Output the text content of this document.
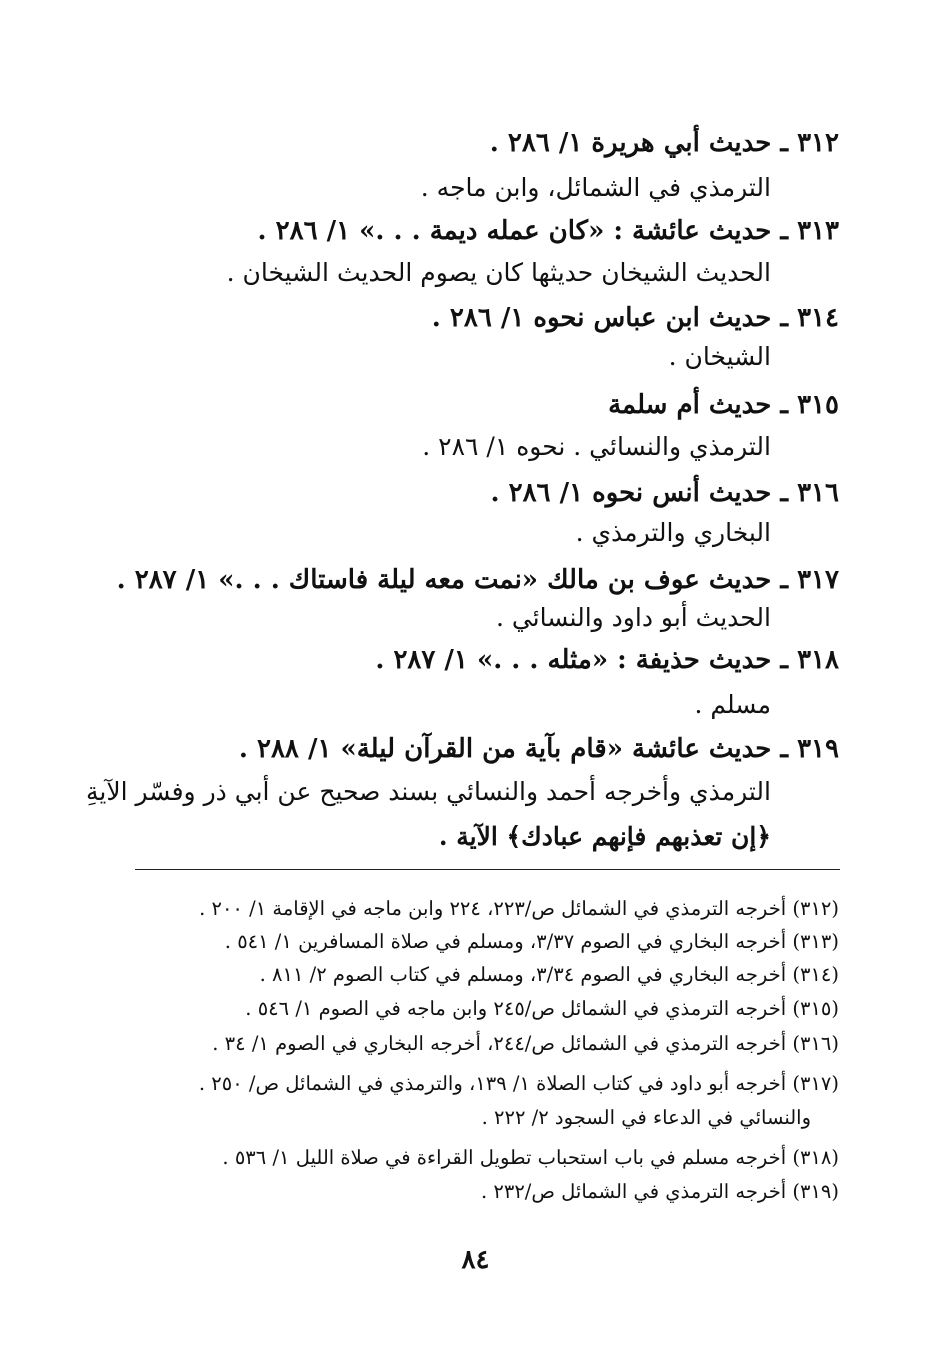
٣١٢ ـ حديث أبي هريرة ١/ ٢٨٦ .
الترمذي في الشمائل، وابن ماجه .
٣١٣ ـ حديث عائشة : «كان عمله ديمة . . .» ١/ ٢٨٦ .
الحديث الشيخان حديثها كان يصوم الحديث الشيخان .
٣١٤ ـ حديث ابن عباس نحوه ١/ ٢٨٦ .
الشيخان .
٣١٥ ـ حديث أم سلمة
الترمذي والنسائي . نحوه ١/ ٢٨٦ .
٣١٦ ـ حديث أنس نحوه ١/ ٢٨٦ .
البخاري والترمذي .
٣١٧ ـ حديث عوف بن مالك «نمت معه ليلة فاستاك . . .» ١/ ٢٨٧ .
الحديث أبو داود والنسائي .
٣١٨ ـ حديث حذيفة : «مثله . . .» ١/ ٢٨٧ .
مسلم .
٣١٩ ـ حديث عائشة «قام بآية من القرآن ليلة» ١/ ٢٨٨ .
الترمذي وأخرجه أحمد والنسائي بسند صحيح عن أبي ذر وفسّر الآيةِ
﴿إن تعذبهم فإنهم عبادك﴾ الآية .
(٣١٢) أخرجه الترمذي في الشمائل ص/٢٢٣، ٢٢٤ وابن ماجه في الإقامة ١/ ٢٠٠ .
(٣١٣) أخرجه البخاري في الصوم ٣/٣٧، ومسلم في صلاة المسافرين ١/ ٥٤١ .
(٣١٤) أخرجه البخاري في الصوم ٣/٣٤، ومسلم في كتاب الصوم ٢/ ٨١١ .
(٣١٥) أخرجه الترمذي في الشمائل ص/٢٤٥ وابن ماجه في الصوم ١/ ٥٤٦ .
(٣١٦) أخرجه الترمذي في الشمائل ص/٢٤٤، أخرجه البخاري في الصوم ١/ ٣٤ .
(٣١٧) أخرجه أبو داود في كتاب الصلاة ١/ ١٣٩، والترمذي في الشمائل ص/ ٢٥٠ .
والنسائي في الدعاء في السجود ٢/ ٢٢٢ .
(٣١٨) أخرجه مسلم في باب استحباب تطويل القراءة في صلاة الليل ١/ ٥٣٦ .
(٣١٩) أخرجه الترمذي في الشمائل ص/٢٣٢ .
٨٤
